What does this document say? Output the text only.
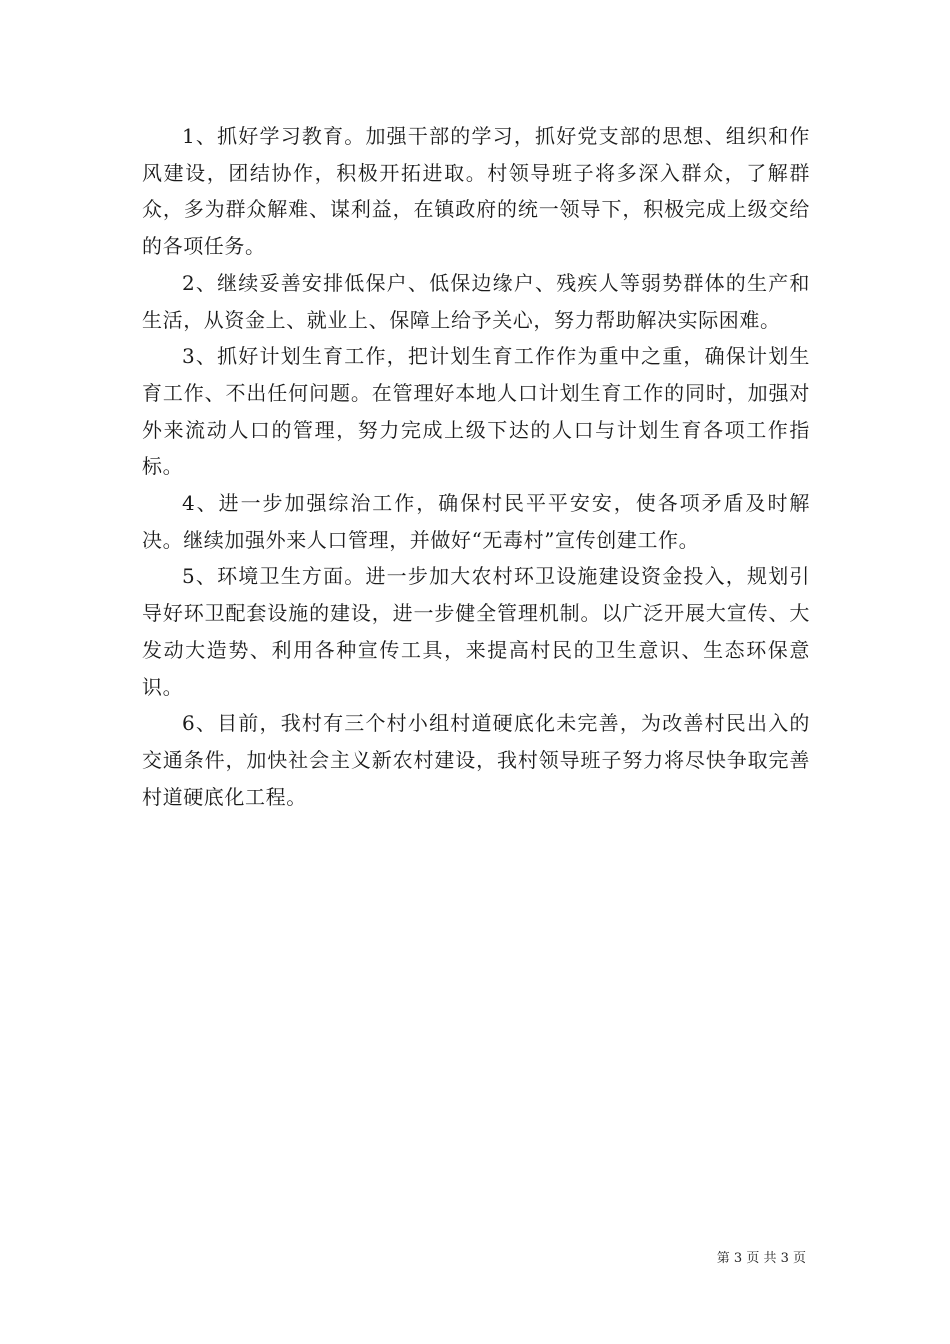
1、抓好学习教育。加强干部的学习，抓好党支部的思想、组织和作风建设，团结协作，积极开拓进取。村领导班子将多深入群众，了解群众，多为群众解难、谋利益，在镇政府的统一领导下，积极完成上级交给的各项任务。

2、继续妥善安排低保户、低保边缘户、残疾人等弱势群体的生产和生活，从资金上、就业上、保障上给予关心，努力帮助解决实际困难。

3、抓好计划生育工作，把计划生育工作作为重中之重，确保计划生育工作、不出任何问题。在管理好本地人口计划生育工作的同时，加强对外来流动人口的管理，努力完成上级下达的人口与计划生育各项工作指标。

4、进一步加强综治工作，确保村民平平安安，使各项矛盾及时解决。继续加强外来人口管理，并做好“无毒村”宣传创建工作。

5、环境卫生方面。进一步加大农村环卫设施建设资金投入，规划引导好环卫配套设施的建设，进一步健全管理机制。以广泛开展大宣传、大发动大造势、利用各种宣传工具，来提高村民的卫生意识、生态环保意识。

6、目前，我村有三个村小组村道硬底化未完善，为改善村民出入的交通条件，加快社会主义新农村建设，我村领导班子努力将尽快争取完善村道硬底化工程。

第 3 页 共 3 页
